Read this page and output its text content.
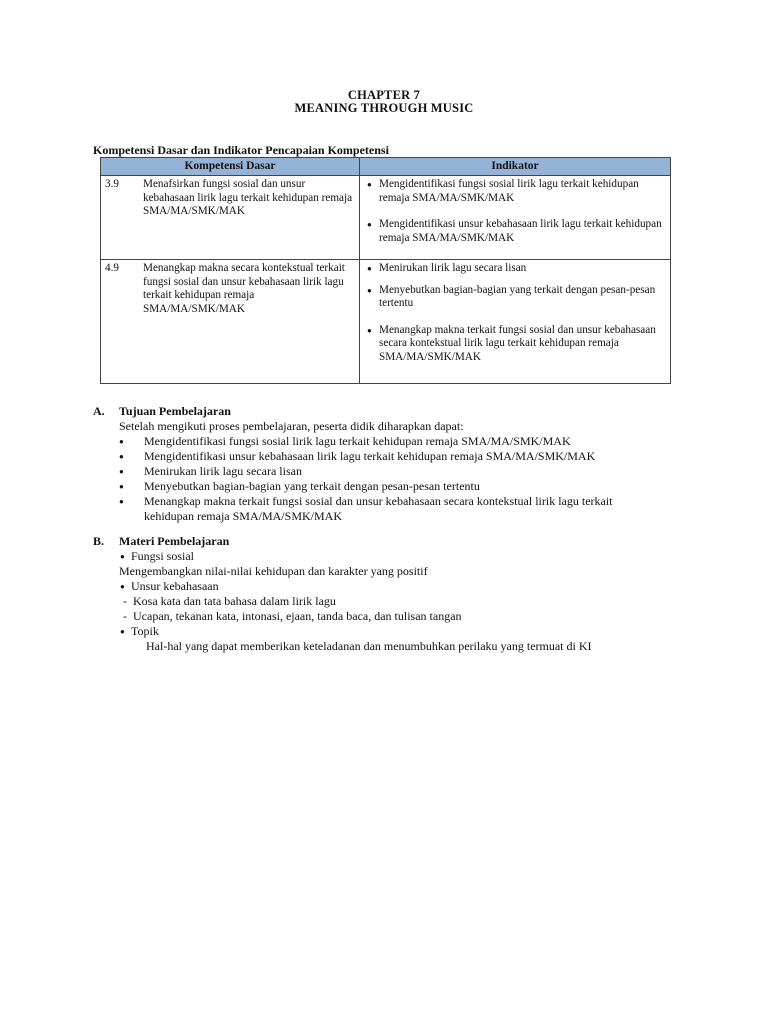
CHAPTER 7
MEANING THROUGH MUSIC
Kompetensi Dasar dan Indikator Pencapaian Kompetensi
Kompetensi Dasar	Indikator
3.9 Menafsirkan fungsi sosial dan unsur kebahasaan lirik lagu terkait kehidupan remaja SMA/MA/SMK/MAK	● Mengidentifikasi fungsi sosial lirik lagu terkait kehidupan remaja SMA/MA/SMK/MAK
● Mengidentifikasi unsur kebahasaan lirik lagu terkait kehidupan remaja SMA/MA/SMK/MAK

4.9 Menangkap makna secara kontekstual terkait fungsi sosial dan unsur kebahasaan lirik lagu terkait kehidupan remaja SMA/MA/SMK/MAK	● Menirukan lirik lagu secara lisan
● Menyebutkan bagian-bagian yang terkait dengan pesan-pesan tertentu
● Menangkap makna terkait fungsi sosial dan unsur kebahasaan secara kontekstual lirik lagu terkait kehidupan remaja SMA/MA/SMK/MAK
A. Tujuan Pembelajaran
Setelah mengikuti proses pembelajaran, peserta didik diharapkan dapat:
● Mengidentifikasi fungsi sosial lirik lagu terkait kehidupan remaja SMA/MA/SMK/MAK
● Mengidentifikasi unsur kebahasaan lirik lagu terkait kehidupan remaja SMA/MA/SMK/MAK
● Menirukan lirik lagu secara lisan
● Menyebutkan bagian-bagian yang terkait dengan pesan-pesan tertentu
● Menangkap makna terkait fungsi sosial dan unsur kebahasaan secara kontekstual lirik lagu terkait kehidupan remaja SMA/MA/SMK/MAK
B. Materi Pembelajaran
● Fungsi sosial
Mengembangkan nilai-nilai kehidupan dan karakter yang positif
● Unsur kebahasaan
- Kosa kata dan tata bahasa dalam lirik lagu
- Ucapan, tekanan kata, intonasi, ejaan, tanda baca, dan tulisan tangan
● Topik
Hal-hal yang dapat memberikan keteladanan dan menumbuhkan perilaku yang termuat di KI
